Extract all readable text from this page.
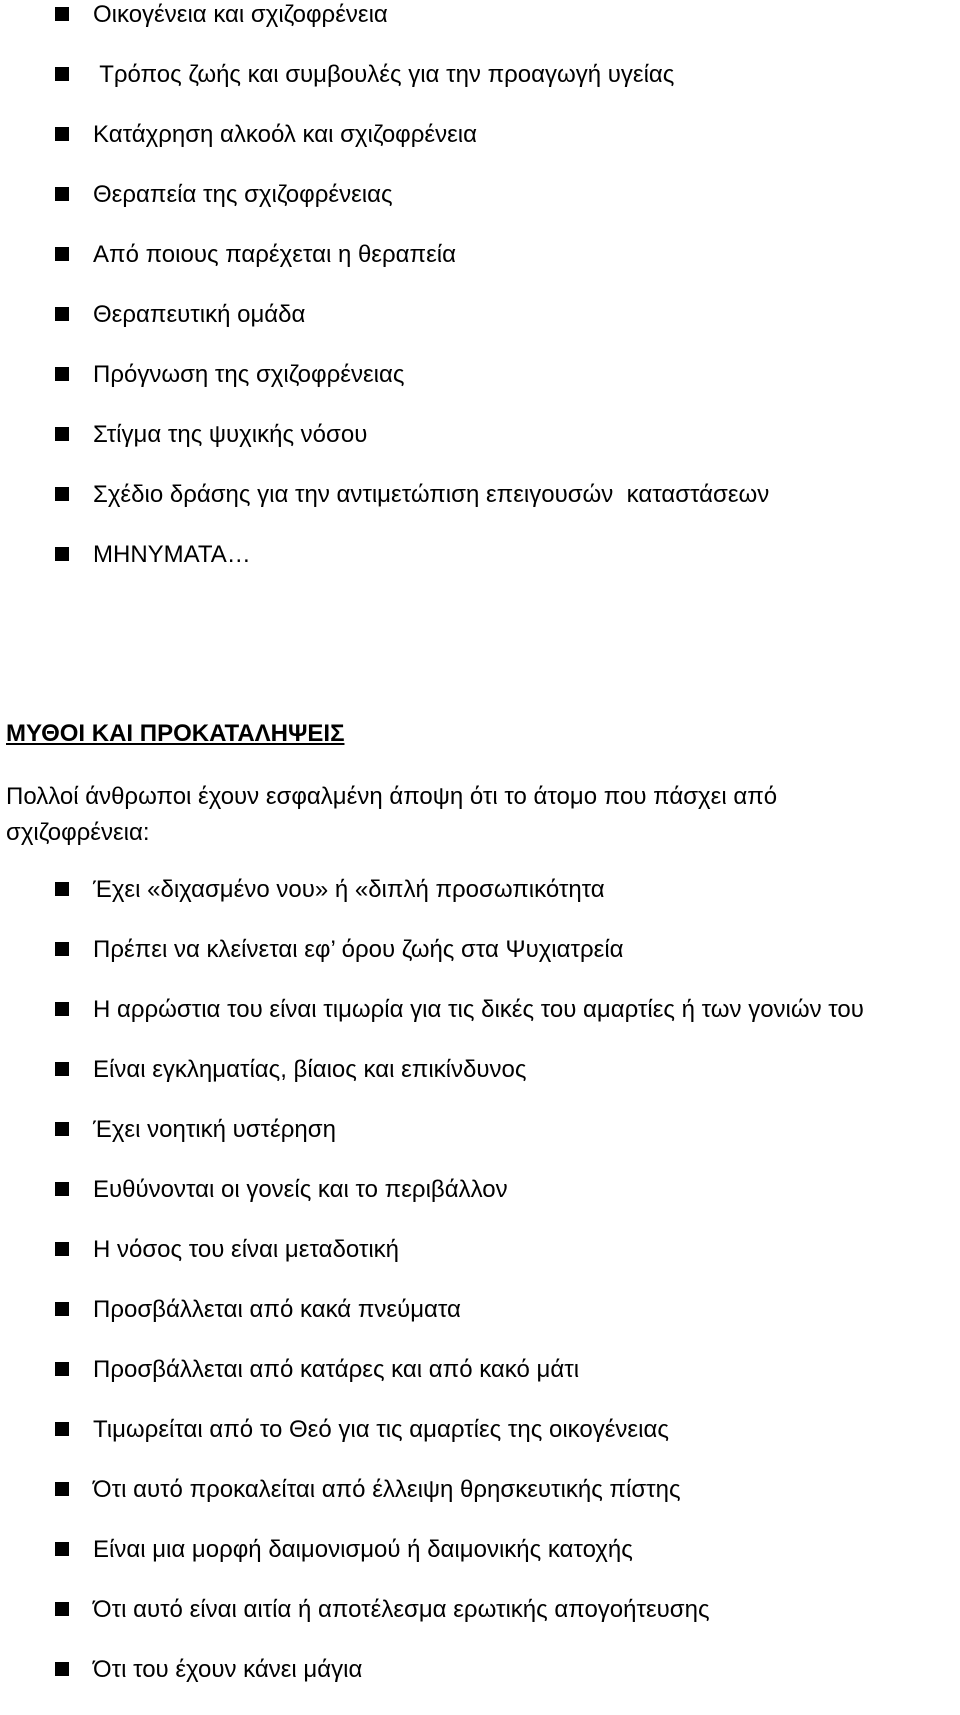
Οικογένεια και σχιζοφρένεια
Τρόπος ζωής και συμβουλές για την προαγωγή υγείας
Κατάχρηση αλκοόλ και σχιζοφρένεια
Θεραπεία της σχιζοφρένειας
Από ποιους παρέχεται η θεραπεία
Θεραπευτική ομάδα
Πρόγνωση της σχιζοφρένειας
Στίγμα της ψυχικής νόσου
Σχέδιο δράσης για την αντιμετώπιση επειγουσών  καταστάσεων
ΜΗΝΥΜΑΤΑ…
ΜΥΘΟΙ ΚΑΙ ΠΡΟΚΑΤΑΛΗΨΕΙΣ

Πολλοί άνθρωποι έχουν εσφαλμένη άποψη ότι το άτομο που πάσχει από σχιζοφρένεια:

Έχει «διχασμένο νου» ή «διπλή προσωπικότητα
Πρέπει να κλείνεται εφ’ όρου ζωής στα Ψυχιατρεία
Η αρρώστια του είναι τιμωρία για τις δικές του αμαρτίες ή των γονιών του
Είναι εγκληματίας, βίαιος και επικίνδυνος
Έχει νοητική υστέρηση
Ευθύνονται οι γονείς και το περιβάλλον
Η νόσος του είναι μεταδοτική
Προσβάλλεται από κακά πνεύματα
Προσβάλλεται από κατάρες και από κακό μάτι
Τιμωρείται από το Θεό για τις αμαρτίες της οικογένειας
Ότι αυτό προκαλείται από έλλειψη θρησκευτικής πίστης
Είναι μια μορφή δαιμονισμού ή δαιμονικής κατοχής
Ότι αυτό είναι αιτία ή αποτέλεσμα ερωτικής απογοήτευσης
Ότι του έχουν κάνει μάγια
